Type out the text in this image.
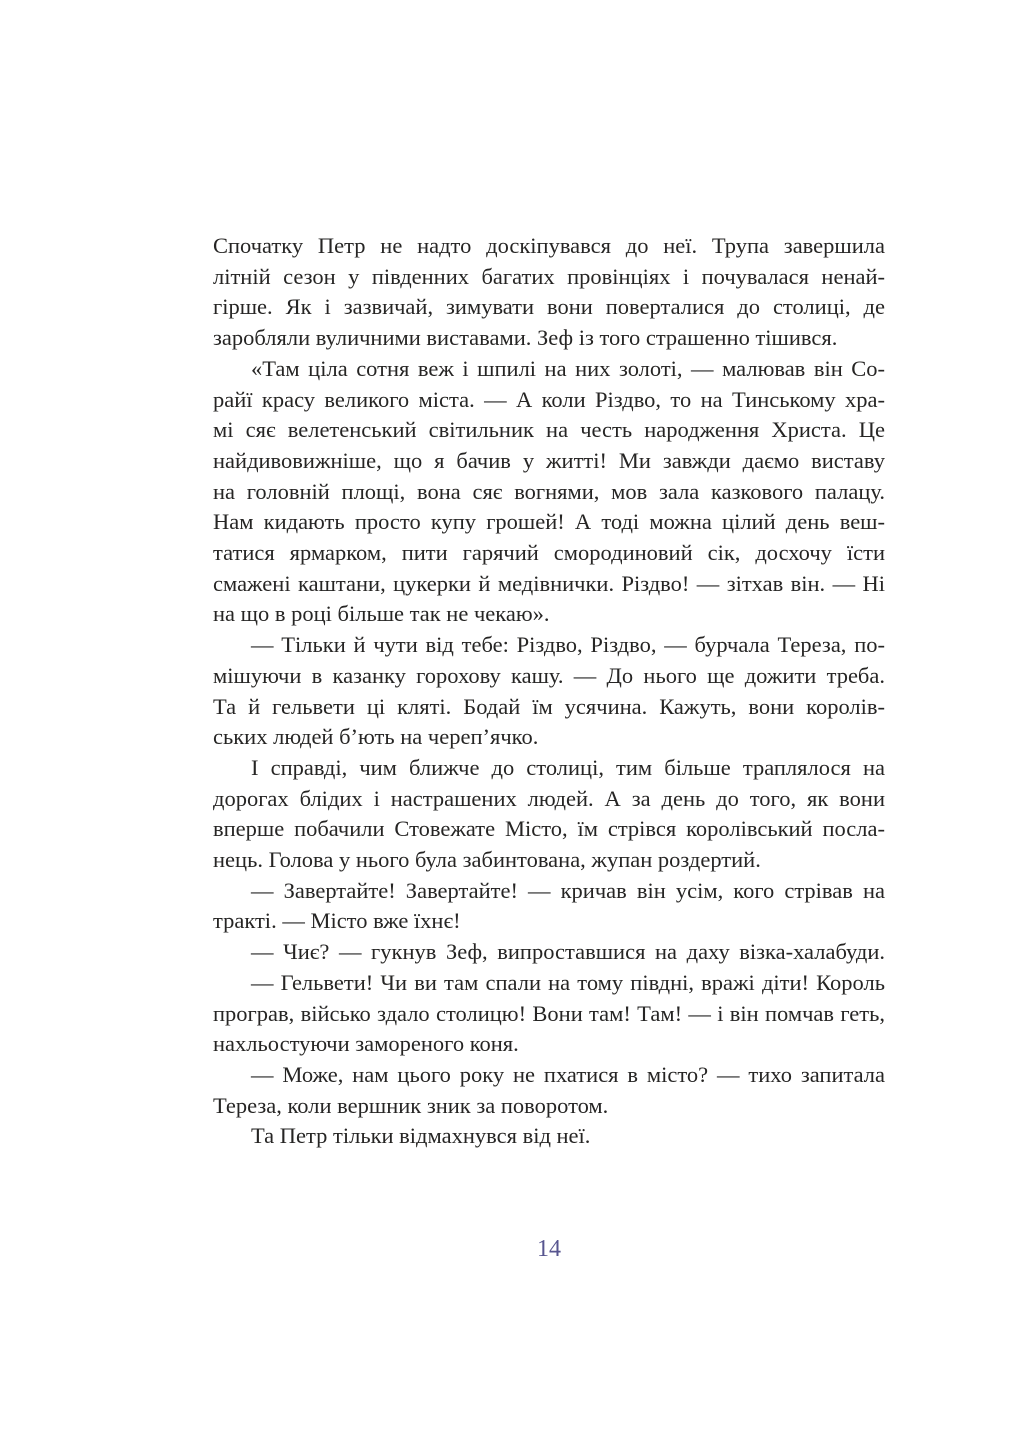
Спочатку Петр не надто доскіпувався до неї. Трупа завершила
літній сезон у південних багатих провінціях і почувалася ненай-
гірше. Як і зазвичай, зимувати вони поверталися до столиці, де
заробляли вуличними виставами. Зеф із того страшенно тішився.
«Там ціла сотня веж і шпилі на них золоті, — малював він Со-
райї красу великого міста. — А коли Різдво, то на Тинському хра-
мі сяє велетенський світильник на честь народження Христа. Це
найдивовижніше, що я бачив у житті! Ми завжди даємо виставу
на головній площі, вона сяє вогнями, мов зала казкового палацу.
Нам кидають просто купу грошей! А тоді можна цілий день веш-
татися ярмарком, пити гарячий смородиновий сік, досхочу їсти
смажені каштани, цукерки й медівнички. Різдво! — зітхав він. — Ні
на що в році більше так не чекаю».
— Тільки й чути від тебе: Різдво, Різдво, — бурчала Тереза, по-
мішуючи в казанку горохову кашу. — До нього ще дожити треба.
Та й гельвети ці кляті. Бодай їм усячина. Кажуть, вони королів-
ських людей б’ють на череп’ячко.
І справді, чим ближче до столиці, тим більше траплялося на
дорогах блідих і настрашених людей. А за день до того, як вони
вперше побачили Стовежате Місто, їм стрівся королівський посла-
нець. Голова у нього була забинтована, жупан роздертий.
— Завертайте! Завертайте! — кричав він усім, кого стрівав на
тракті. — Місто вже їхнє!
— Чиє? — гукнув Зеф, випроставшися на даху візка-халабуди.
— Гельвети! Чи ви там спали на тому півдні, вражі діти! Король
програв, військо здало столицю! Вони там! Там! — і він помчав геть,
нахльостуючи замореного коня.
— Може, нам цього року не пхатися в місто? — тихо запитала
Тереза, коли вершник зник за поворотом.
Та Петр тільки відмахнувся від неї.
14
